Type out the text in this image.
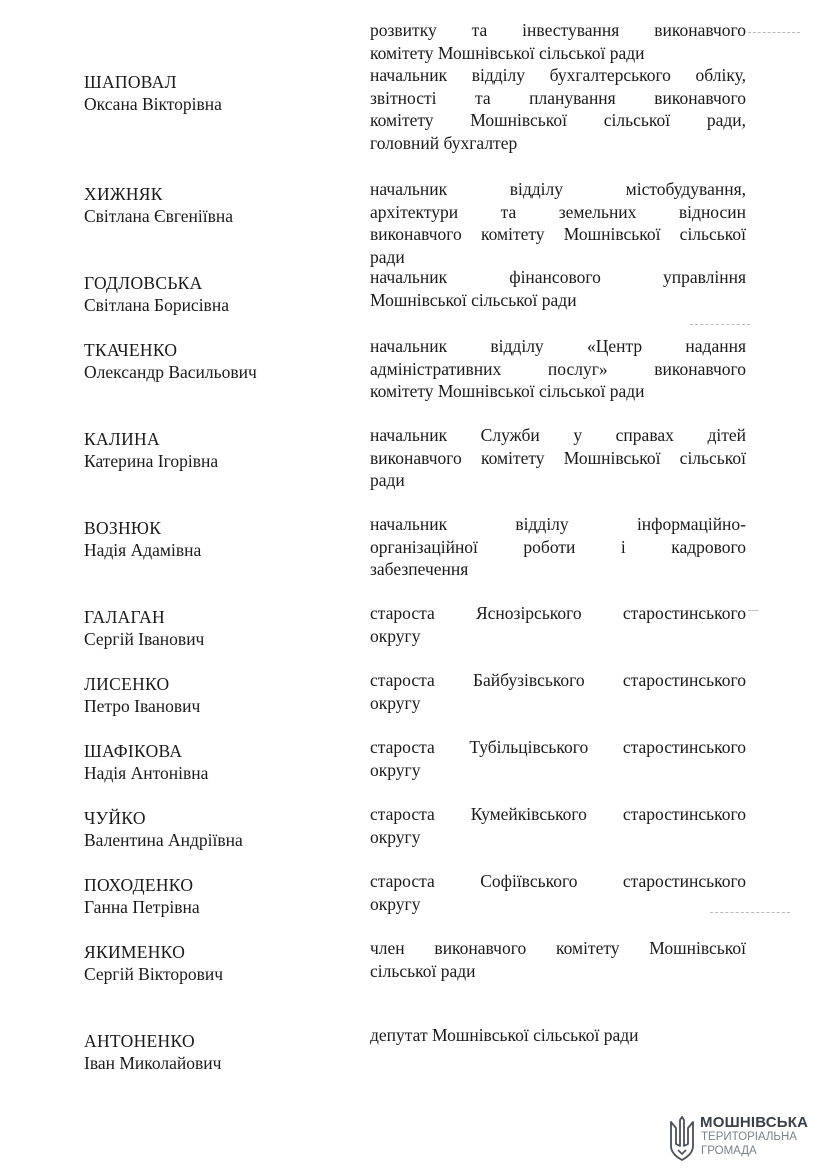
розвитку та інвестування виконавчого
комітету Мошнівської сільської ради
ШАПОВАЛ
Оксана Вікторівна
начальник відділу бухгалтерського обліку,
звітності та планування виконавчого
комітету Мошнівської сільської ради,
головний бухгалтер
ХИЖНЯК
Світлана Євгеніївна
начальник відділу містобудування,
архітектури та земельних відносин
виконавчого комітету Мошнівської сільської
ради
ГОДЛОВСЬКА
Світлана Борисівна
начальник фінансового управління
Мошнівської сільської ради
ТКАЧЕНКО
Олександр Васильович
начальник відділу «Центр надання
адміністративних послуг» виконавчого
комітету Мошнівської сільської ради
КАЛИНА
Катерина Ігорівна
начальник Служби у справах дітей
виконавчого комітету Мошнівської сільської
ради
ВОЗНЮК
Надія Адамівна
начальник відділу інформаційно-
організаційної роботи і кадрового
забезпечення
ГАЛАГАН
Сергій Іванович
староста Яснозірського старостинського
округу
ЛИСЕНКО
Петро Іванович
староста Байбузівського старостинського
округу
ШАФІКОВА
Надія Антонівна
староста Тубільцівського старостинського
округу
ЧУЙКО
Валентина Андріївна
староста Кумейківського старостинського
округу
ПОХОДЕНКО
Ганна Петрівна
староста Софіївського старостинського
округу
ЯКИМЕНКО
Сергій Вікторович
член виконавчого комітету Мошнівської
сільської ради
АНТОНЕНКО
Іван Миколайович
депутат Мошнівської сільської ради
МОШНІВСЬКА
ТЕРИТОРІАЛЬНА
ГРОМАДА
